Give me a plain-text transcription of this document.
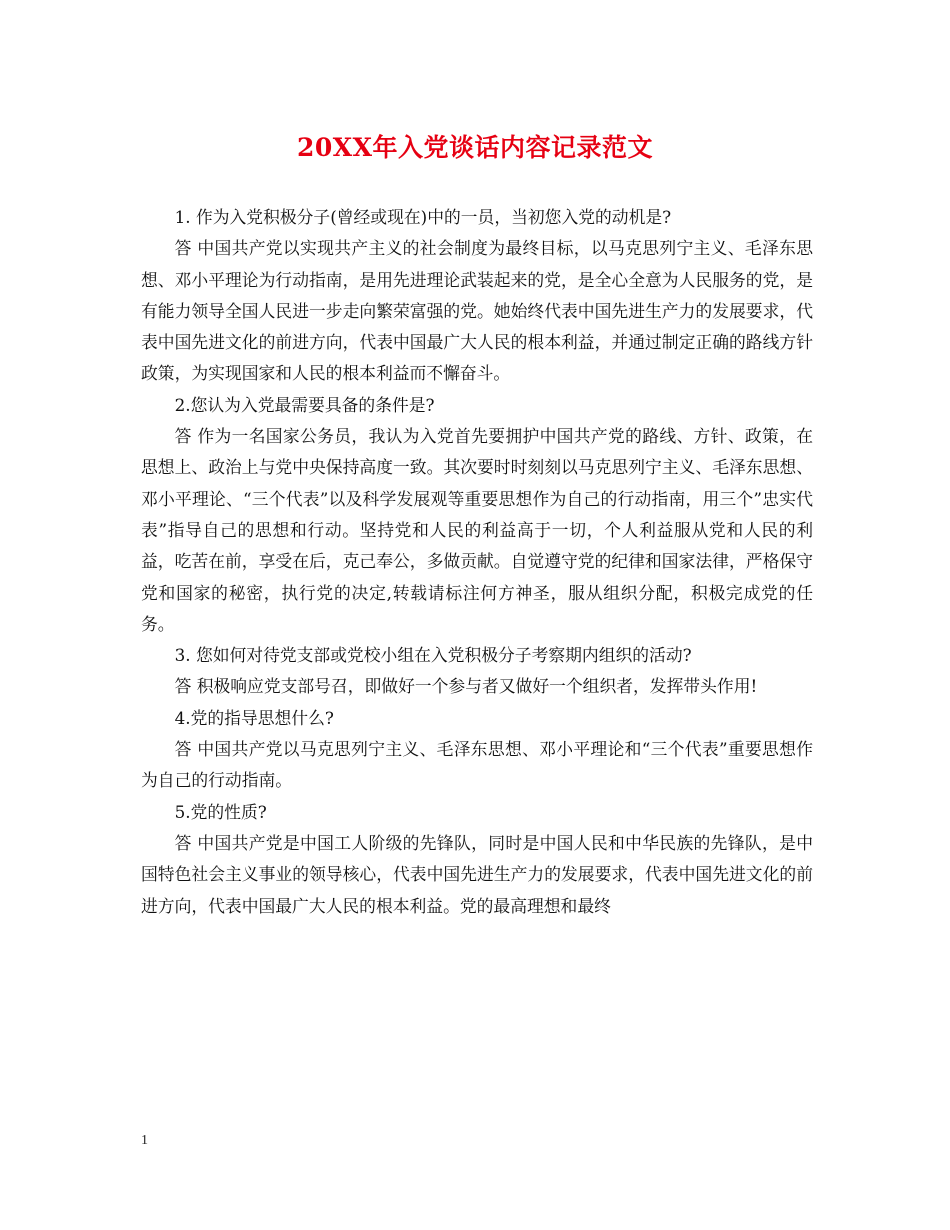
20XX年入党谈话内容记录范文

1. 作为入党积极分子(曾经或现在)中的一员，当初您入党的动机是?

答 中国共产党以实现共产主义的社会制度为最终目标，以马克思列宁主义、毛泽东思想、邓小平理论为行动指南，是用先进理论武装起来的党，是全心全意为人民服务的党，是有能力领导全国人民进一步走向繁荣富强的党。她始终代表中国先进生产力的发展要求，代表中国先进文化的前进方向，代表中国最广大人民的根本利益，并通过制定正确的路线方针政策，为实现国家和人民的根本利益而不懈奋斗。

2.您认为入党最需要具备的条件是?

答 作为一名国家公务员，我认为入党首先要拥护中国共产党的路线、方针、政策，在思想上、政治上与党中央保持高度一致。其次要时时刻刻以马克思列宁主义、毛泽东思想、邓小平理论、“三个代表”以及科学发展观等重要思想作为自己的行动指南，用三个”忠实代表”指导自己的思想和行动。坚持党和人民的利益高于一切，个人利益服从党和人民的利益，吃苦在前，享受在后，克己奉公，多做贡献。自觉遵守党的纪律和国家法律，严格保守党和国家的秘密，执行党的决定,转载请标注何方神圣，服从组织分配，积极完成党的任务。

3. 您如何对待党支部或党校小组在入党积极分子考察期内组织的活动?

答 积极响应党支部号召，即做好一个参与者又做好一个组织者，发挥带头作用!

4.党的指导思想什么?

答 中国共产党以马克思列宁主义、毛泽东思想、邓小平理论和“三个代表”重要思想作为自己的行动指南。

5.党的性质?

答 中国共产党是中国工人阶级的先锋队，同时是中国人民和中华民族的先锋队，是中国特色社会主义事业的领导核心，代表中国先进生产力的发展要求，代表中国先进文化的前进方向，代表中国最广大人民的根本利益。党的最高理想和最终

1
